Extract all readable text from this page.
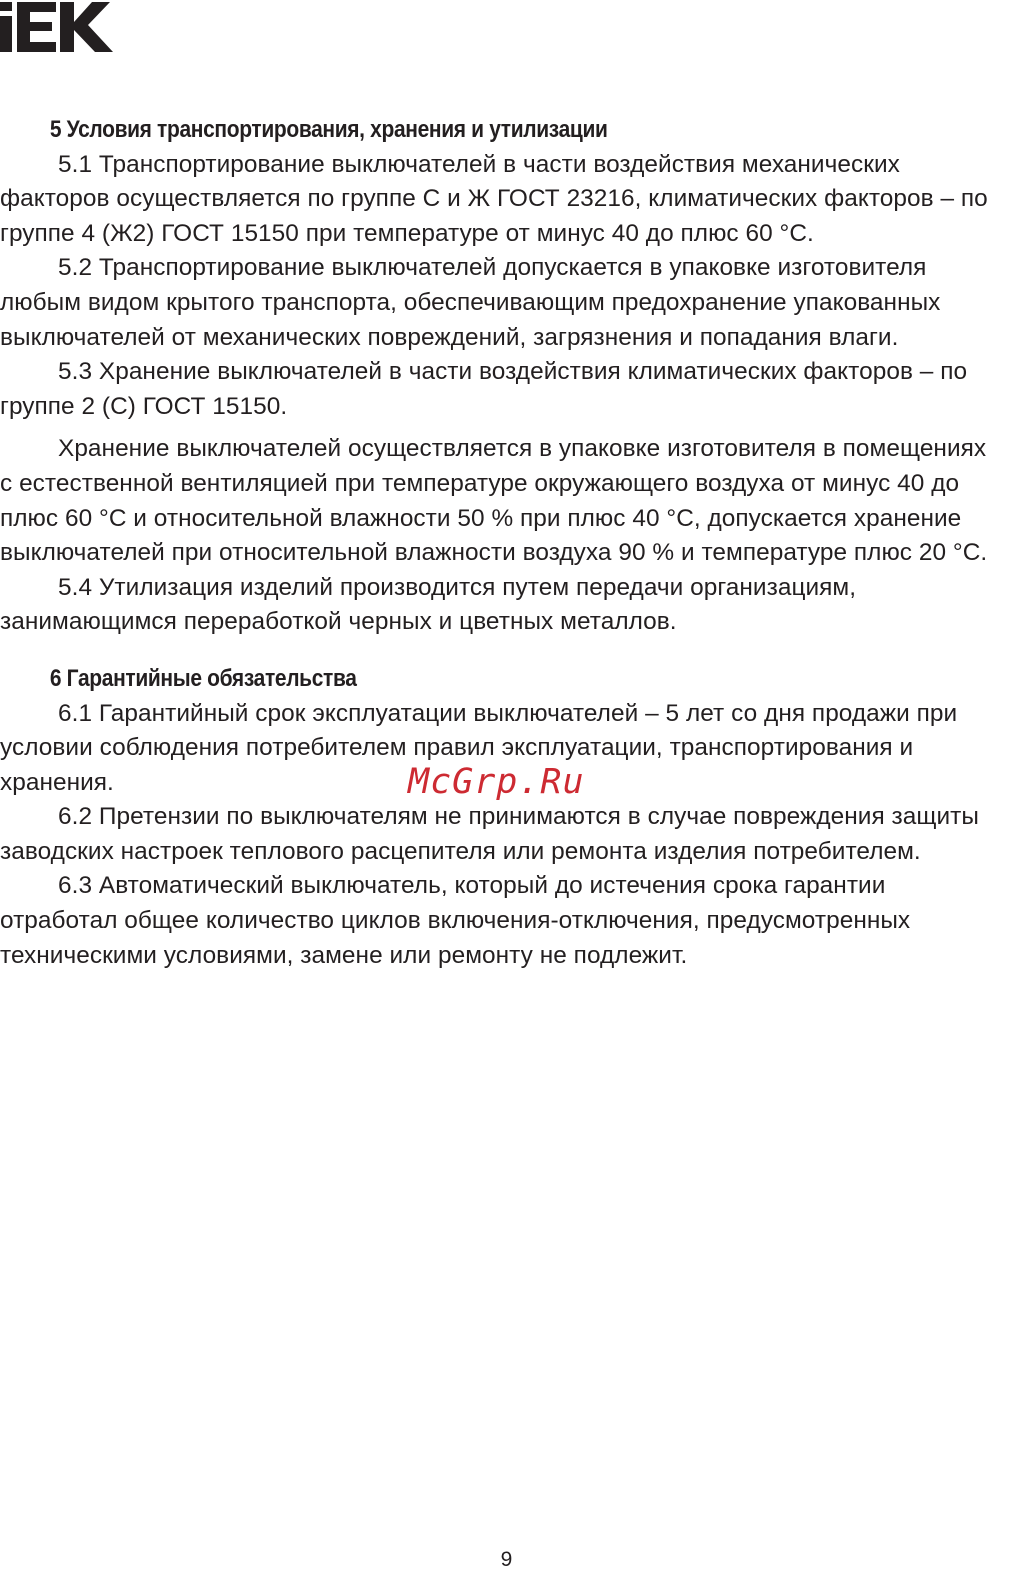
5 Условия транспортирования, хранения и утилизации

5.1 Транспортирование выключателей в части воздействия механических факторов осуществляется по группе С и Ж ГОСТ 23216, климатических факторов – по группе 4 (Ж2) ГОСТ 15150 при температуре от минус 40 до плюс 60 °С.

5.2 Транспортирование выключателей допускается в упаковке изготовителя любым видом крытого транспорта, обеспечивающим предохранение упакованных выключателей от механических повреждений, загрязнения и попадания влаги.

5.3 Хранение выключателей в части воздействия климатических факторов – по группе 2 (С) ГОСТ 15150.

Хранение выключателей осуществляется в упаковке изготовителя в помещениях с естественной вентиляцией при температуре окружающего воздуха от минус 40 до плюс 60 °С и относительной влажности 50 % при плюс 40 °С, допускается хранение выключателей при относительной влажности воздуха 90 % и температуре плюс 20 °С.

5.4 Утилизация изделий производится путем передачи организациям, занимающимся переработкой черных и цветных металлов.

6 Гарантийные обязательства

6.1 Гарантийный срок эксплуатации выключателей – 5 лет со дня продажи при условии соблюдения потребителем правил эксплуатации, транспортирования и хранения.

6.2 Претензии по выключателям не принимаются в случае повреждения защиты заводских настроек теплового расцепителя или ремонта изделия потребителем.

6.3 Автоматический выключатель, который до истечения срока гарантии отработал общее количество циклов включения-отключения, предусмотренных техническими условиями, замене или ремонту не подлежит.

McGrp.Ru
9
